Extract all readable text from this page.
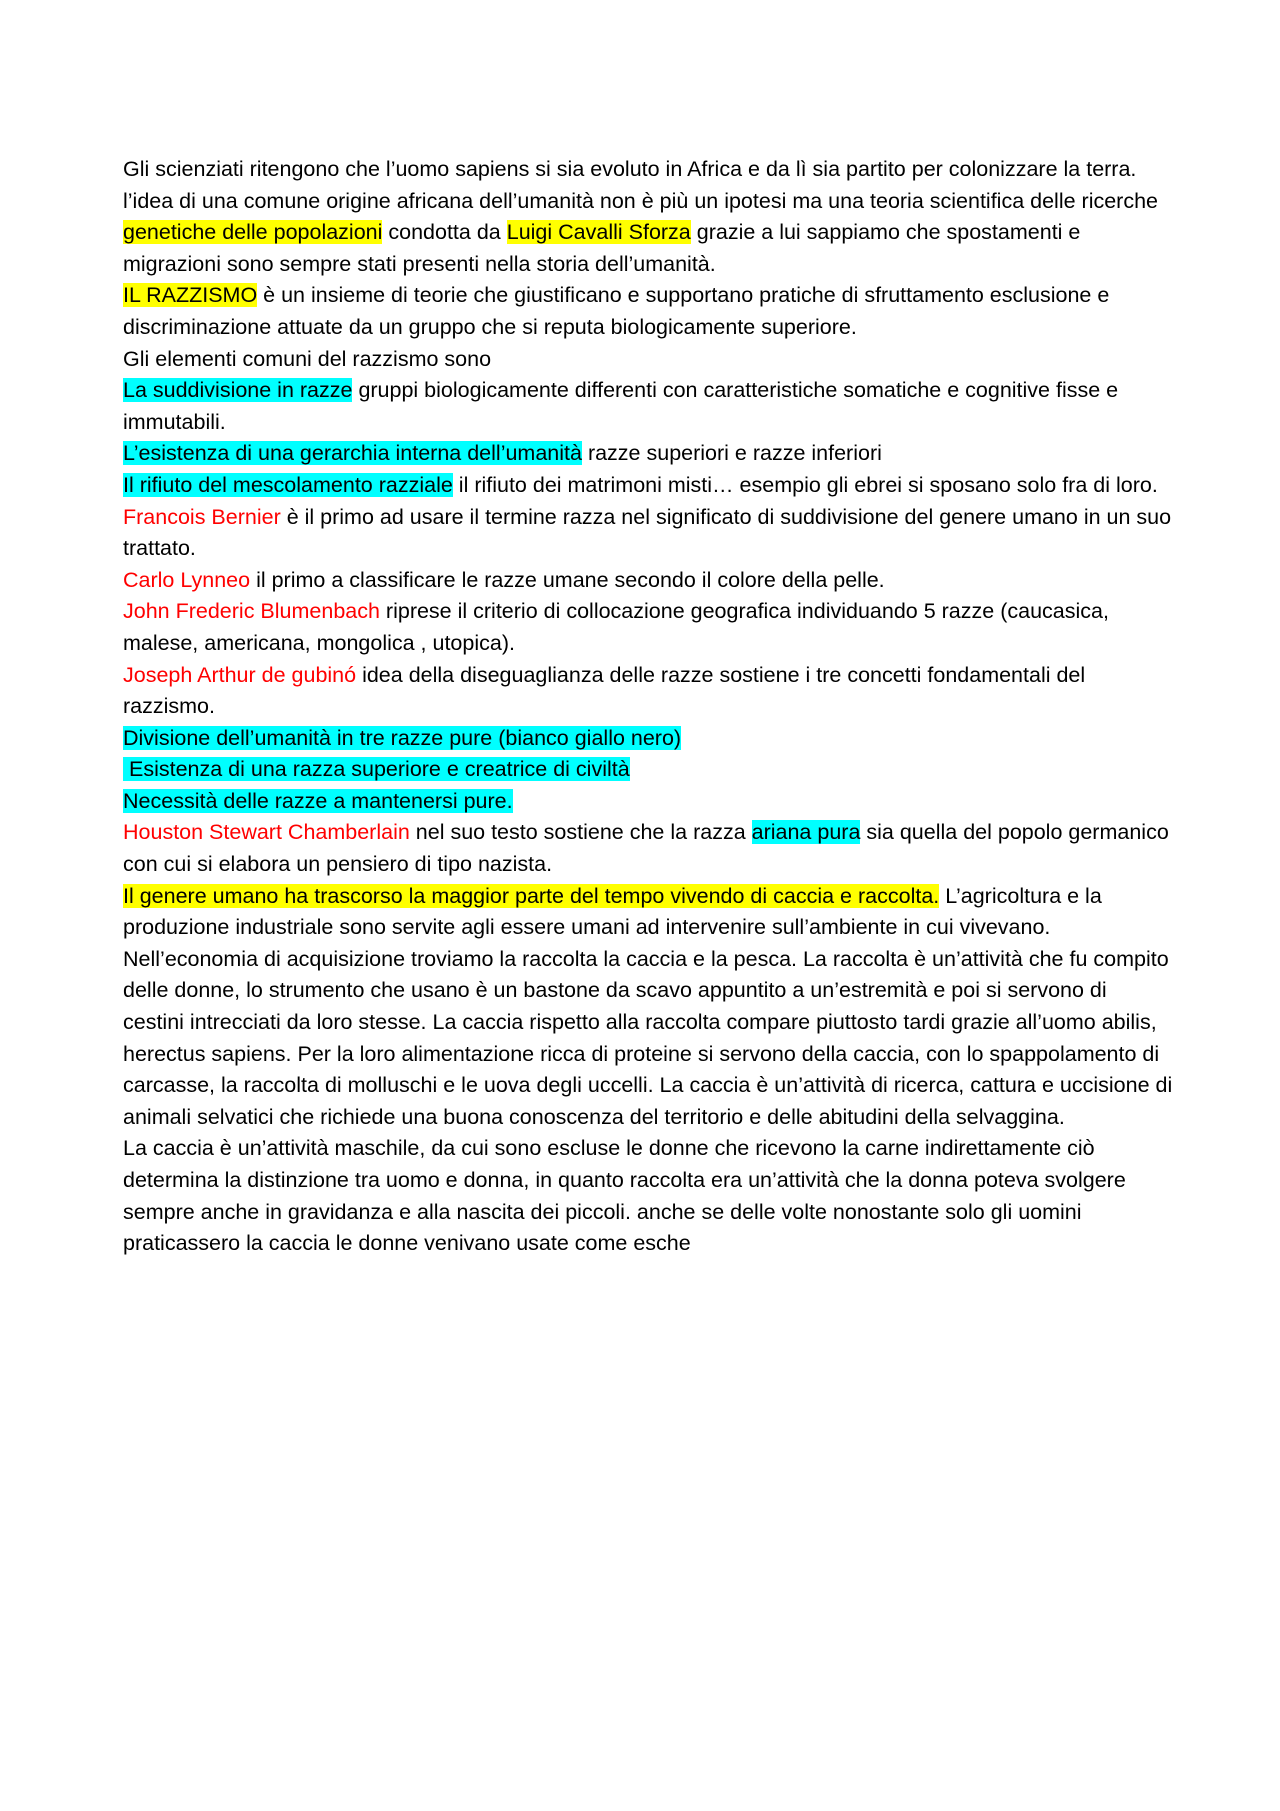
Gli scienziati ritengono che l’uomo sapiens si sia evoluto in Africa e da lì sia partito per colonizzare la terra. l’idea di una comune origine africana dell’umanità non è più un ipotesi ma una teoria scientifica delle ricerche genetiche delle popolazioni condotta da Luigi Cavalli Sforza grazie a lui sappiamo che spostamenti e migrazioni sono sempre stati presenti nella storia dell’umanità.

IL RAZZISMO è un insieme di teorie che giustificano e supportano pratiche di sfruttamento esclusione e discriminazione attuate da un gruppo che si reputa biologicamente superiore.

Gli elementi comuni del razzismo sono

La suddivisione in razze gruppi biologicamente differenti con caratteristiche somatiche e cognitive fisse e immutabili.

L’esistenza di una gerarchia interna dell’umanità razze superiori e razze inferiori

Il rifiuto del mescolamento razziale il rifiuto dei matrimoni misti… esempio gli ebrei si sposano solo fra di loro.

Francois Bernier è il primo ad usare il termine razza nel significato di suddivisione del genere umano in un suo trattato.

Carlo Lynneo il primo a classificare le razze umane secondo il colore della pelle.

John Frederic Blumenbach riprese il criterio di collocazione geografica individuando 5 razze (caucasica, malese, americana, mongolica , utopica).

Joseph Arthur de gubinó idea della diseguaglianza delle razze sostiene i tre concetti fondamentali del razzismo.

Divisione dell’umanità in tre razze pure (bianco giallo nero)

Esistenza di una razza superiore e creatrice di civiltà

Necessità delle razze a mantenersi pure.

Houston Stewart Chamberlain nel suo testo sostiene che la razza ariana pura sia quella del popolo germanico con cui si elabora un pensiero di tipo nazista.

Il genere umano ha trascorso la maggior parte del tempo vivendo di caccia e raccolta. L’agricoltura e la produzione industriale sono servite agli essere umani ad intervenire sull’ambiente in cui vivevano. Nell’economia di acquisizione troviamo la raccolta la caccia e la pesca. La raccolta è un’attività che fu compito delle donne, lo strumento che usano è un bastone da scavo appuntito a un’estremità e poi si servono di cestini intrecciati da loro stesse. La caccia rispetto alla raccolta compare piuttosto tardi grazie all’uomo abilis, herectus sapiens. Per la loro alimentazione ricca di proteine si servono della caccia, con lo spappolamento di carcasse, la raccolta di molluschi e le uova degli uccelli. La caccia è un’attività di ricerca, cattura e uccisione di animali selvatici che richiede una buona conoscenza del territorio e delle abitudini della selvaggina.

La caccia è un’attività maschile, da cui sono escluse le donne che ricevono la carne indirettamente ciò determina la distinzione tra uomo e donna, in quanto raccolta era un’attività che la donna poteva svolgere sempre anche in gravidanza e alla nascita dei piccoli. anche se delle volte nonostante solo gli uomini praticassero la caccia le donne venivano usate come esche
